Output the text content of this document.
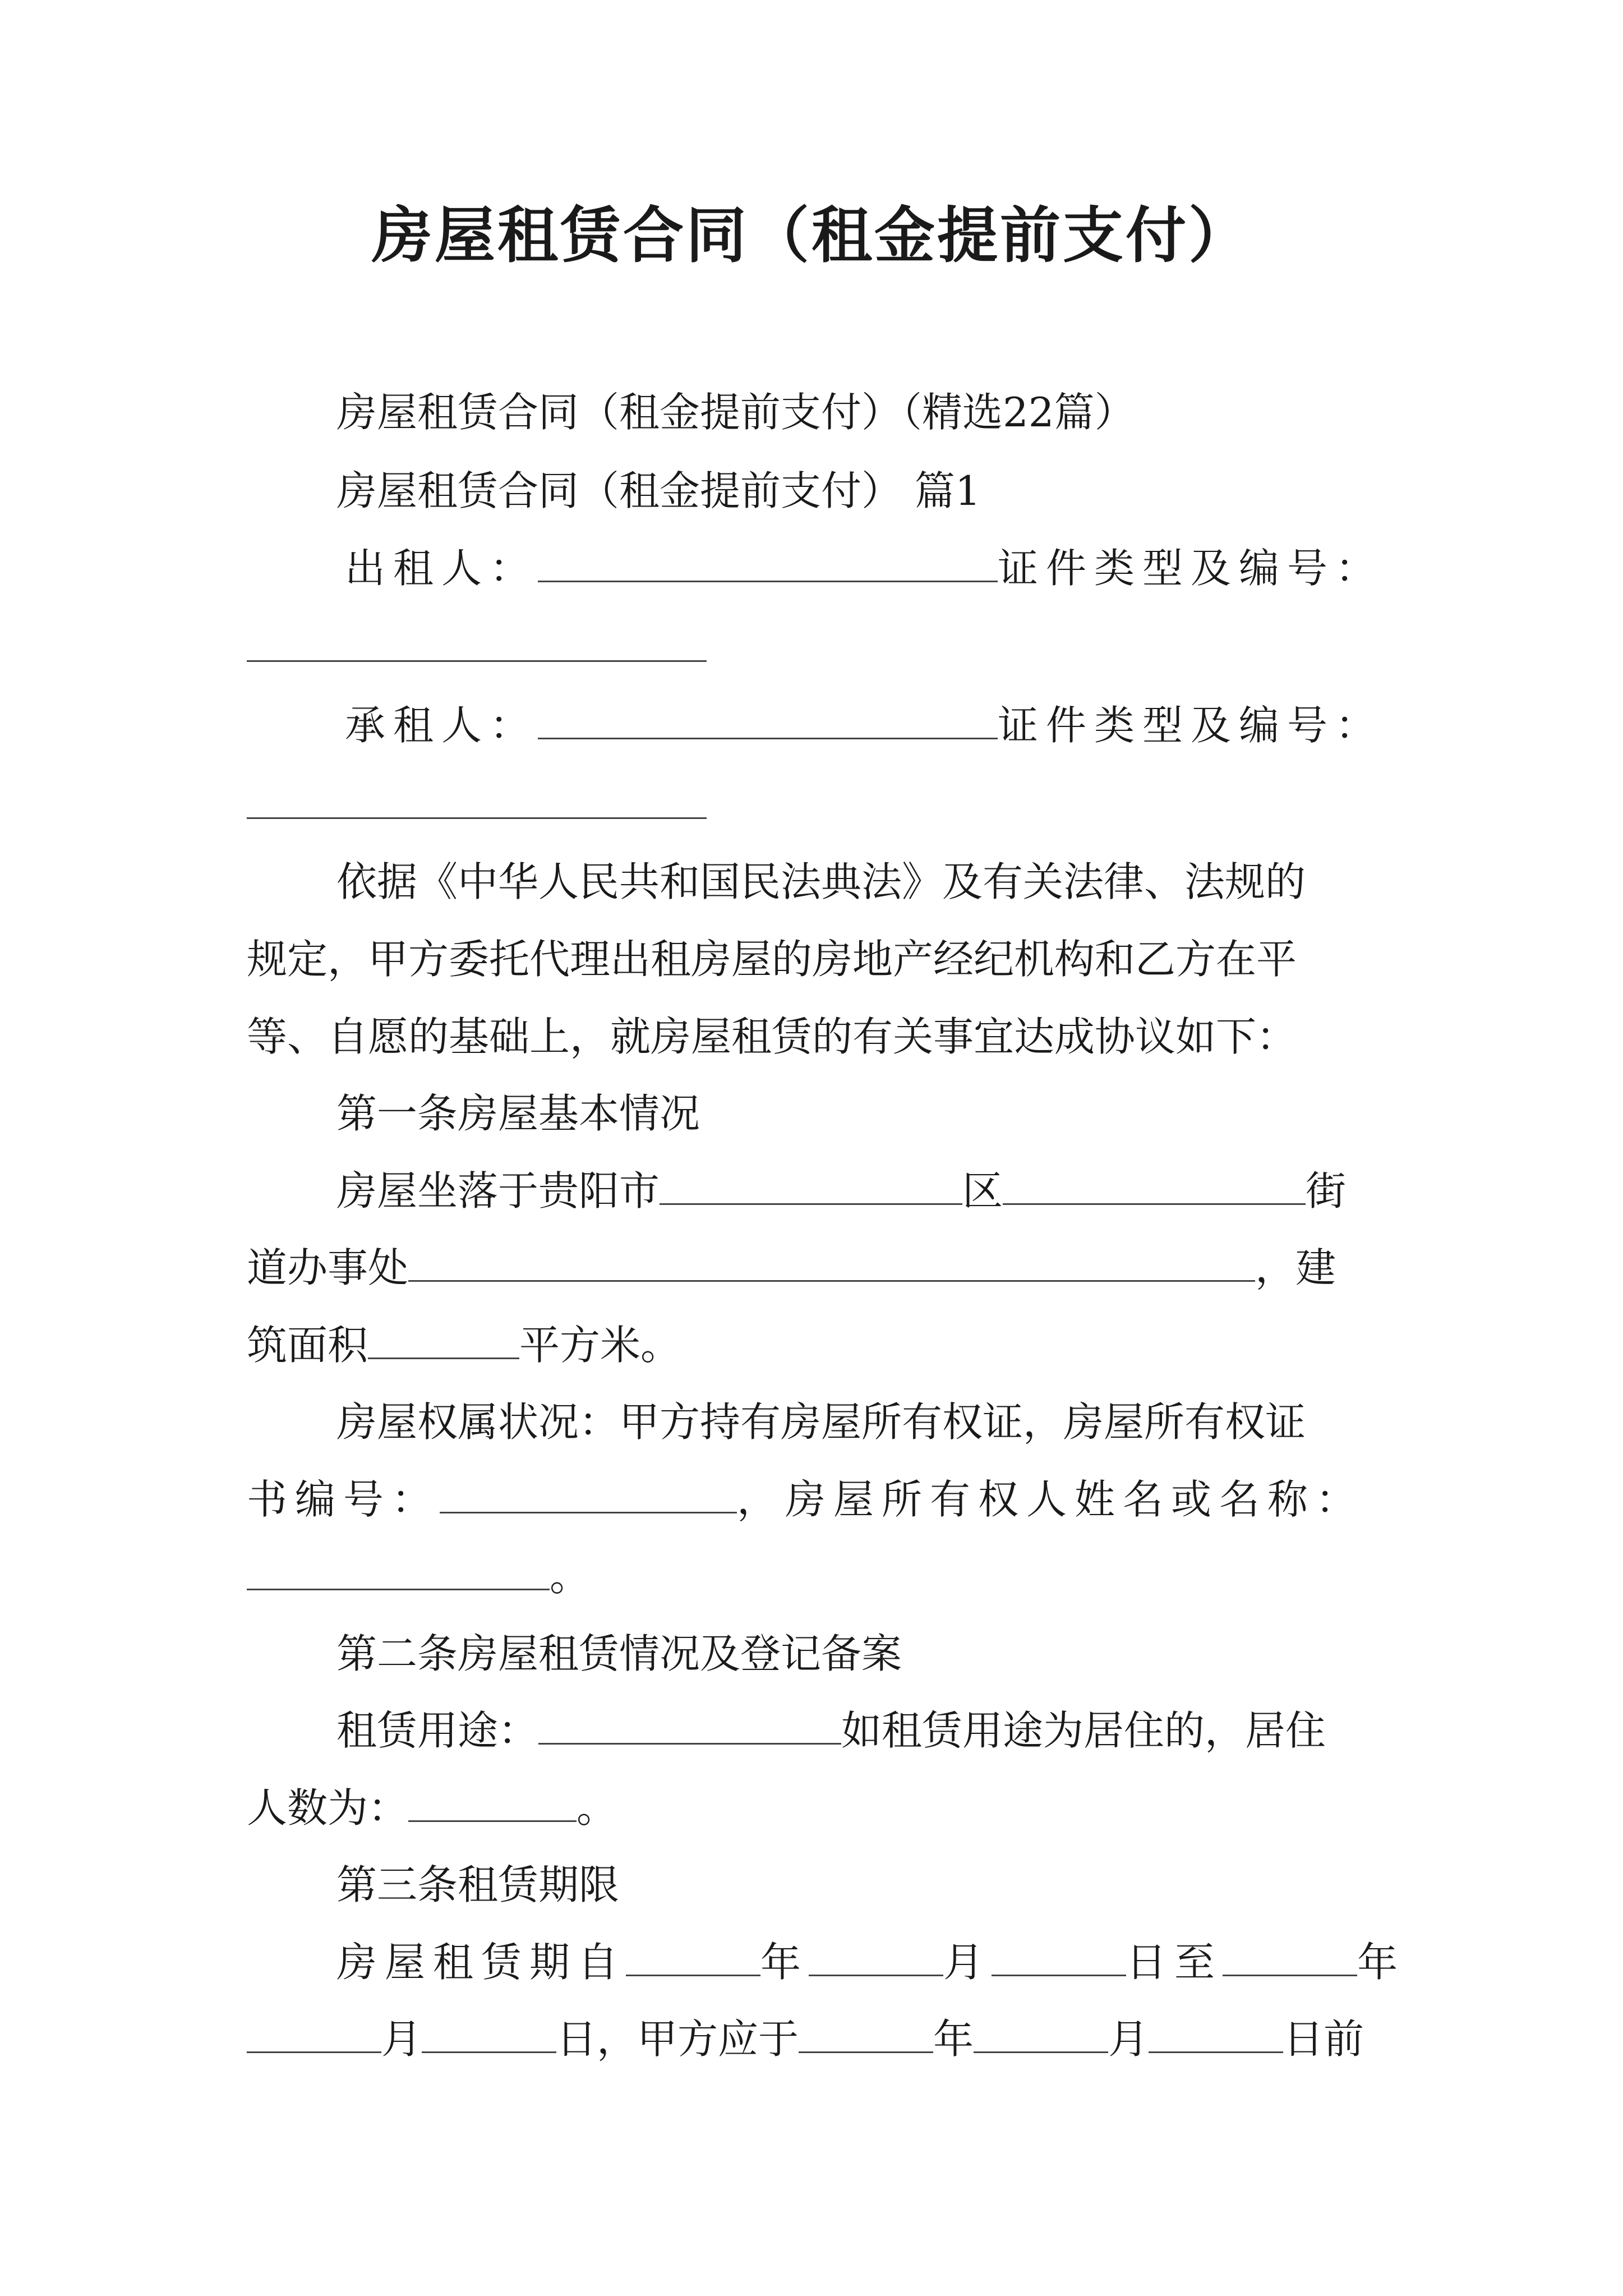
房屋租赁合同（租金提前支付）
房屋租赁合同（租金提前支付）（精选22篇）
房屋租赁合同（租金提前支付） 篇1
出租人：	证件类型及编号：
承租人：	证件类型及编号：
依据《中华人民共和国民法典法》及有关法律、法规的
规定，甲方委托代理出租房屋的房地产经纪机构和乙方在平
等、自愿的基础上，就房屋租赁的有关事宜达成协议如下：
第一条房屋基本情况
房屋坐落于贵阳市	区	街
道办事处	，建
筑面积	平方米。
房屋权属状况：甲方持有房屋所有权证，房屋所有权证
书编号：	，房屋所有权人姓名或名称：
。
第二条房屋租赁情况及登记备案
租赁用途：	如租赁用途为居住的，居住
人数为：	。
第三条租赁期限
房屋租赁期自	年	月	日至	年
月	日，甲方应于	年	月	日前
